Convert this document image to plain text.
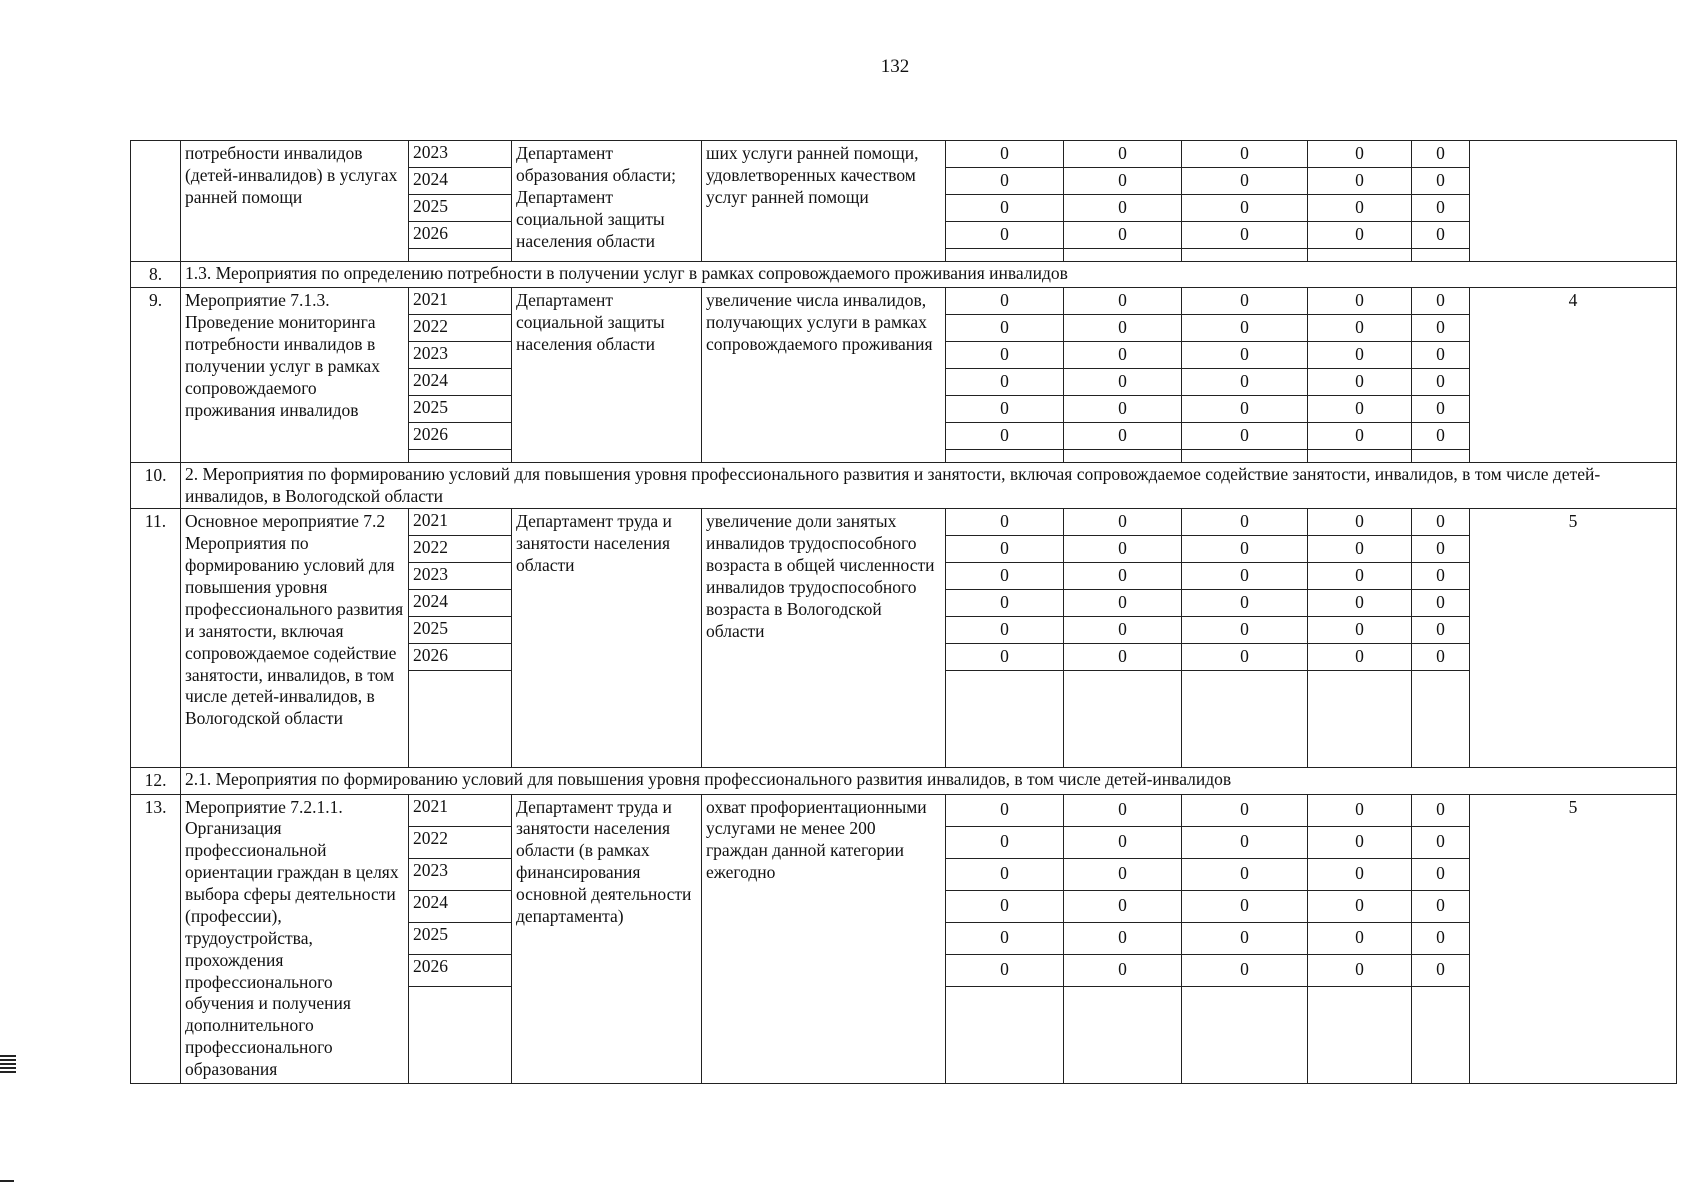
132
	потребности инвалидов (детей-инвалидов) в услугах ранней помощи	2023	Департамент образования области; Департамент социальной защиты населения области	ших услуги ранней помощи, удовлетворенных качеством услуг ранней помощи	0	0	0	0	0	
		2024			0	0	0	0	0	
		2025			0	0	0	0	0	
		2026			0	0	0	0	0	

8.	1.3. Мероприятия по определению потребности в получении услуг в рамках сопровождаемого проживания инвалидов									
9.	Мероприятие 7.1.3. Проведение мониторинга потребности инвалидов в получении услуг в рамках сопровождаемого проживания инвалидов	2021	Департамент социальной защиты населения области	увеличение числа инвалидов, получающих услуги в рамках сопровождаемого проживания	0	0	0	0	0	4
		2022			0	0	0	0	0	
		2023			0	0	0	0	0	
		2024			0	0	0	0	0	
		2025			0	0	0	0	0	
		2026			0	0	0	0	0	

10.	2. Мероприятия по формированию условий для повышения уровня профессионального развития и занятости, включая сопровождаемое содействие занятости, инвалидов, в том числе детей-инвалидов, в Вологодской области									
11.	Основное мероприятие 7.2 Мероприятия по формированию условий для повышения уровня профессионального развития и занятости, включая сопровождаемое содействие занятости, инвалидов, в том числе детей-инвалидов, в Вологодской области	2021	Департамент труда и занятости населения области	увеличение доли занятых инвалидов трудоспособного возраста в общей численности инвалидов трудоспособного возраста в Вологодской области	0	0	0	0	0	5
		2022			0	0	0	0	0	
		2023			0	0	0	0	0	
		2024			0	0	0	0	0	
		2025			0	0	0	0	0	
		2026			0	0	0	0	0	

12.	2.1. Мероприятия по формированию условий для повышения уровня профессионального развития инвалидов, в том числе детей-инвалидов									
13.	Мероприятие 7.2.1.1. Организация профессиональной ориентации граждан в целях выбора сферы деятельности (профессии), трудоустройства, прохождения профессионального обучения и получения дополнительного профессионального образования	2021	Департамент труда и занятости населения области (в рамках финансирования основной деятельности департамента)	охват профориентационными услугами не менее 200 граждан данной категории ежегодно	0	0	0	0	0	5
		2022			0	0	0	0	0	
		2023			0	0	0	0	0	
		2024			0	0	0	0	0	
		2025			0	0	0	0	0	
		2026			0	0	0	0	0	
